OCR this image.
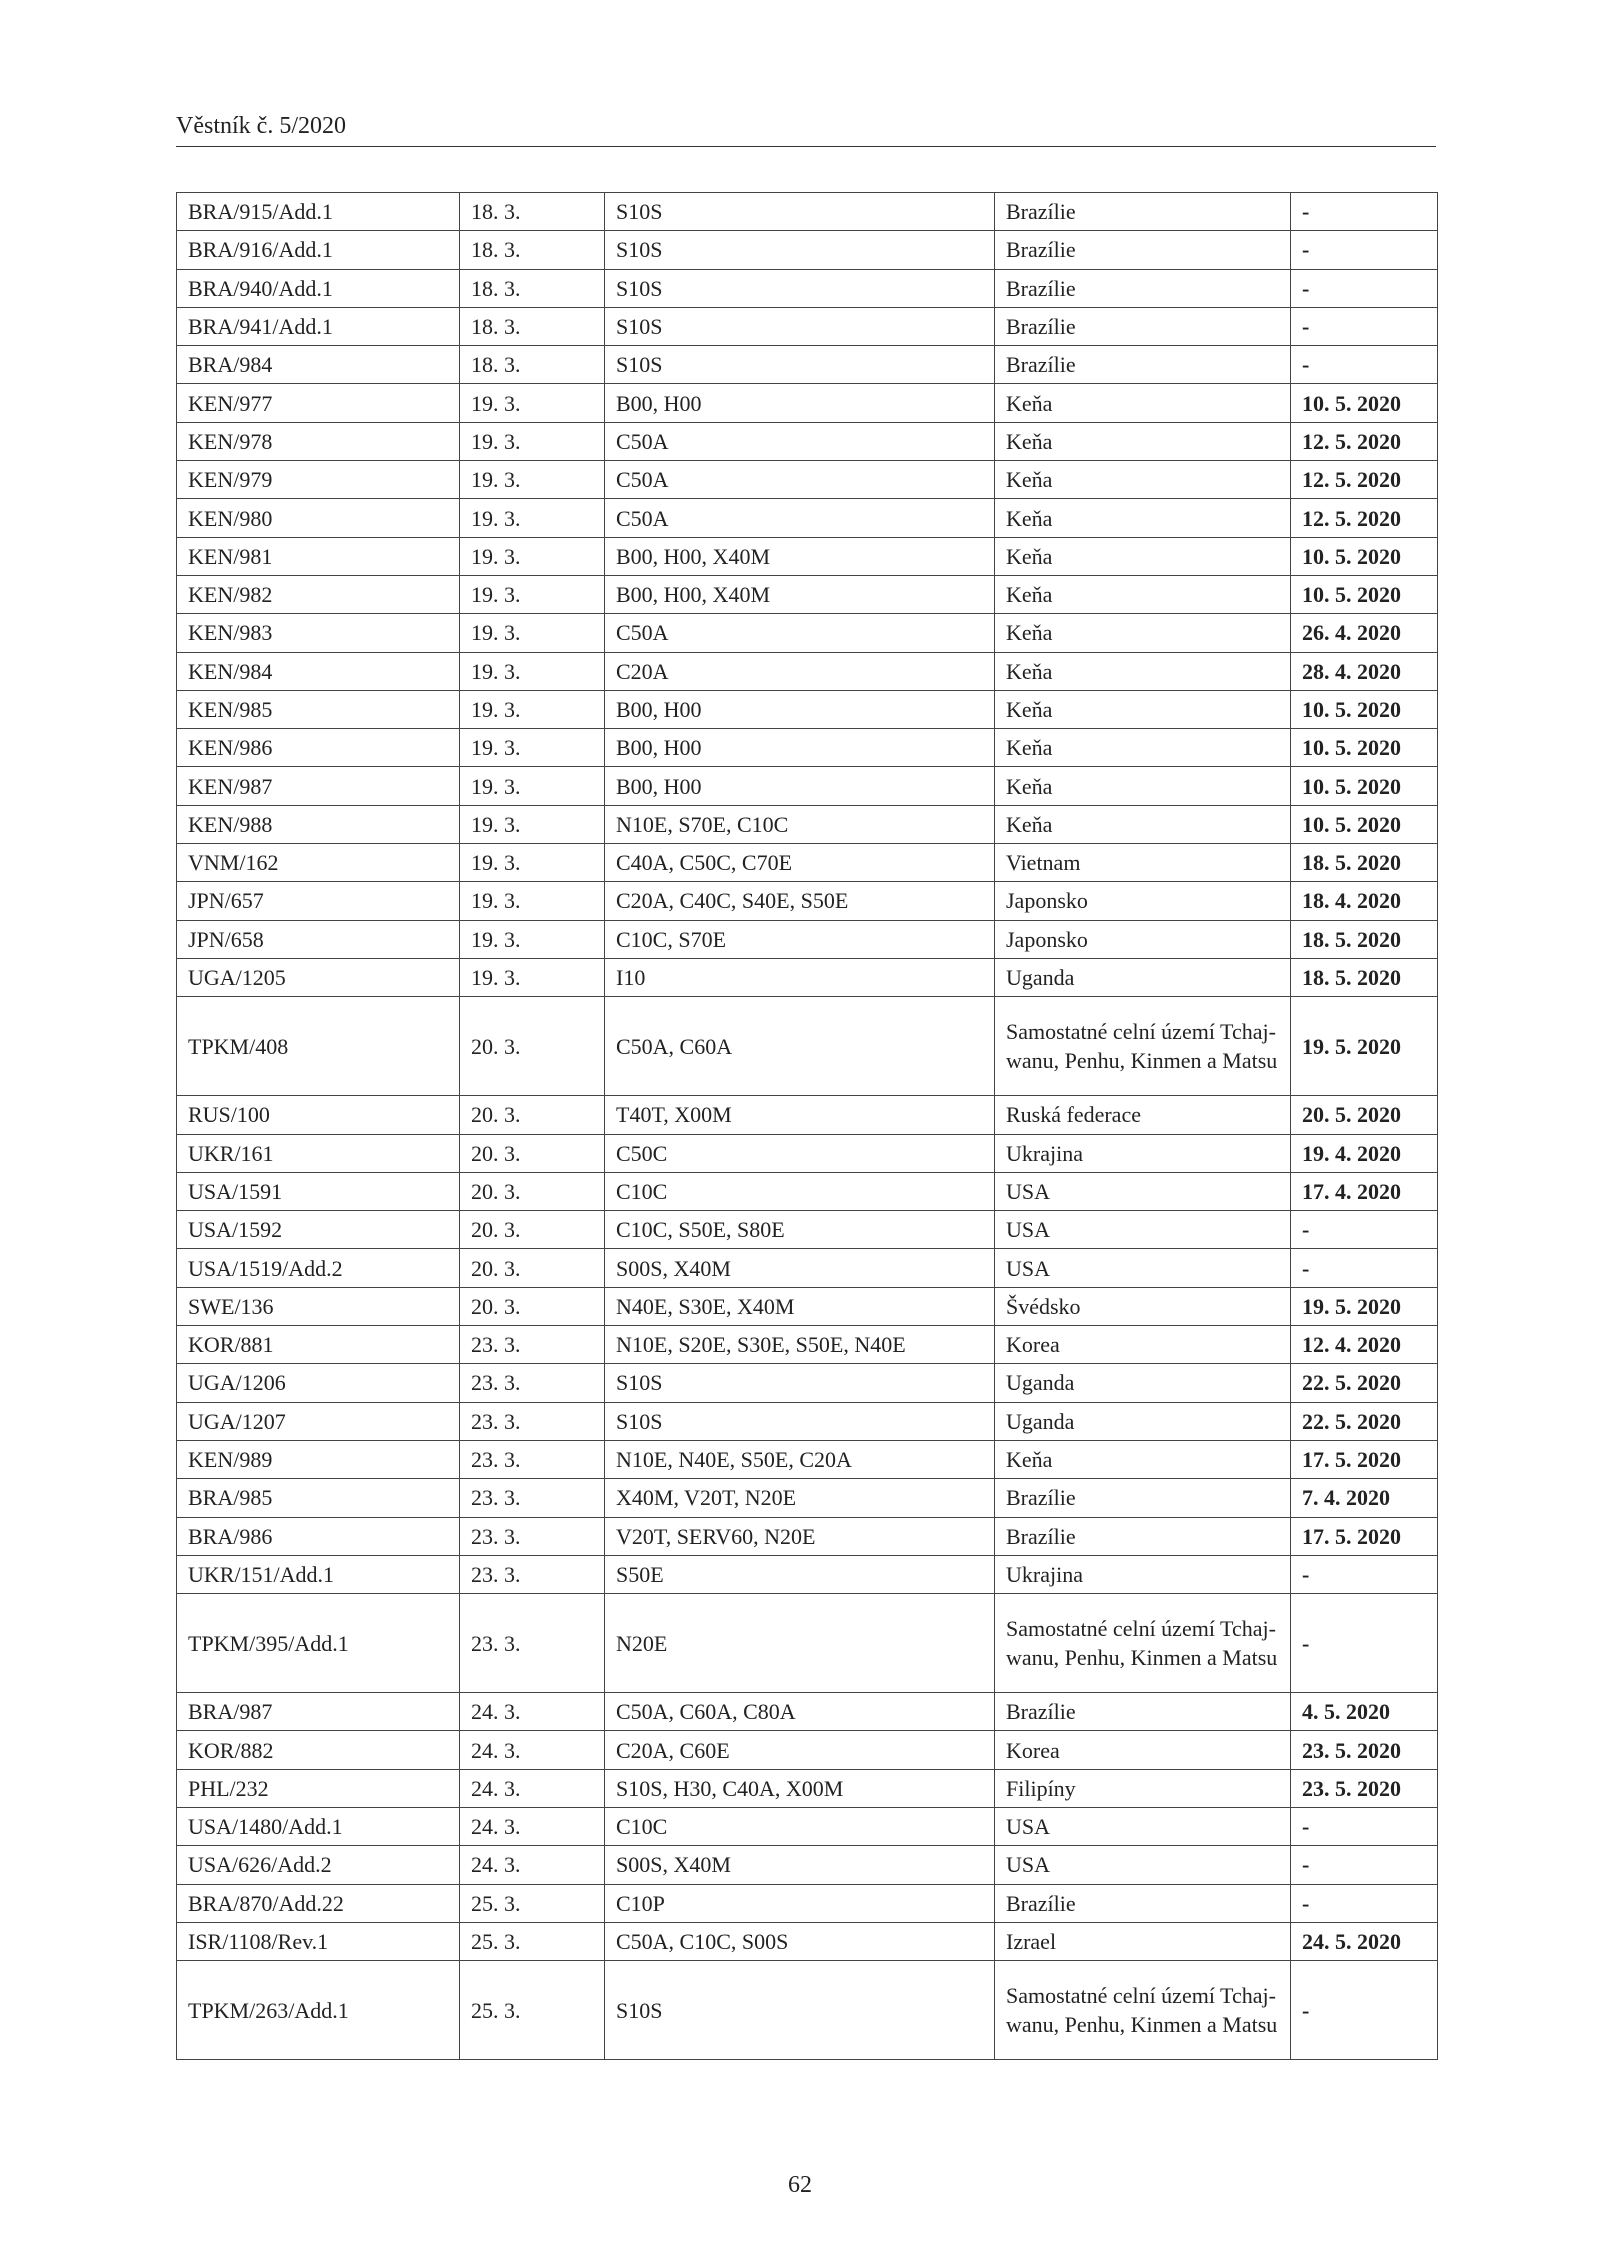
Věstník č. 5/2020
BRA/915/Add.1	18. 3.	S10S	Brazílie	-
BRA/916/Add.1	18. 3.	S10S	Brazílie	-
BRA/940/Add.1	18. 3.	S10S	Brazílie	-
BRA/941/Add.1	18. 3.	S10S	Brazílie	-
BRA/984	18. 3.	S10S	Brazílie	-
KEN/977	19. 3.	B00, H00	Keňa	10. 5. 2020
KEN/978	19. 3.	C50A	Keňa	12. 5. 2020
KEN/979	19. 3.	C50A	Keňa	12. 5. 2020
KEN/980	19. 3.	C50A	Keňa	12. 5. 2020
KEN/981	19. 3.	B00, H00, X40M	Keňa	10. 5. 2020
KEN/982	19. 3.	B00, H00, X40M	Keňa	10. 5. 2020
KEN/983	19. 3.	C50A	Keňa	26. 4. 2020
KEN/984	19. 3.	C20A	Keňa	28. 4. 2020
KEN/985	19. 3.	B00, H00	Keňa	10. 5. 2020
KEN/986	19. 3.	B00, H00	Keňa	10. 5. 2020
KEN/987	19. 3.	B00, H00	Keňa	10. 5. 2020
KEN/988	19. 3.	N10E, S70E, C10C	Keňa	10. 5. 2020
VNM/162	19. 3.	C40A, C50C, C70E	Vietnam	18. 5. 2020
JPN/657	19. 3.	C20A, C40C, S40E, S50E	Japonsko	18. 4. 2020
JPN/658	19. 3.	C10C, S70E	Japonsko	18. 5. 2020
UGA/1205	19. 3.	I10	Uganda	18. 5. 2020
TPKM/408	20. 3.	C50A, C60A	Samostatné celní území Tchaj-wanu, Penhu, Kinmen a Matsu	19. 5. 2020
RUS/100	20. 3.	T40T, X00M	Ruská federace	20. 5. 2020
UKR/161	20. 3.	C50C	Ukrajina	19. 4. 2020
USA/1591	20. 3.	C10C	USA	17. 4. 2020
USA/1592	20. 3.	C10C, S50E, S80E	USA	-
USA/1519/Add.2	20. 3.	S00S, X40M	USA	-
SWE/136	20. 3.	N40E, S30E, X40M	Švédsko	19. 5. 2020
KOR/881	23. 3.	N10E, S20E, S30E, S50E, N40E	Korea	12. 4. 2020
UGA/1206	23. 3.	S10S	Uganda	22. 5. 2020
UGA/1207	23. 3.	S10S	Uganda	22. 5. 2020
KEN/989	23. 3.	N10E, N40E, S50E, C20A	Keňa	17. 5. 2020
BRA/985	23. 3.	X40M, V20T, N20E	Brazílie	7. 4. 2020
BRA/986	23. 3.	V20T, SERV60, N20E	Brazílie	17. 5. 2020
UKR/151/Add.1	23. 3.	S50E	Ukrajina	-
TPKM/395/Add.1	23. 3.	N20E	Samostatné celní území Tchaj-wanu, Penhu, Kinmen a Matsu	-
BRA/987	24. 3.	C50A, C60A, C80A	Brazílie	4. 5. 2020
KOR/882	24. 3.	C20A, C60E	Korea	23. 5. 2020
PHL/232	24. 3.	S10S, H30, C40A, X00M	Filipíny	23. 5. 2020
USA/1480/Add.1	24. 3.	C10C	USA	-
USA/626/Add.2	24. 3.	S00S, X40M	USA	-
BRA/870/Add.22	25. 3.	C10P	Brazílie	-
ISR/1108/Rev.1	25. 3.	C50A, C10C, S00S	Izrael	24. 5. 2020
TPKM/263/Add.1	25. 3.	S10S	Samostatné celní území Tchaj-wanu, Penhu, Kinmen a Matsu	-
62
